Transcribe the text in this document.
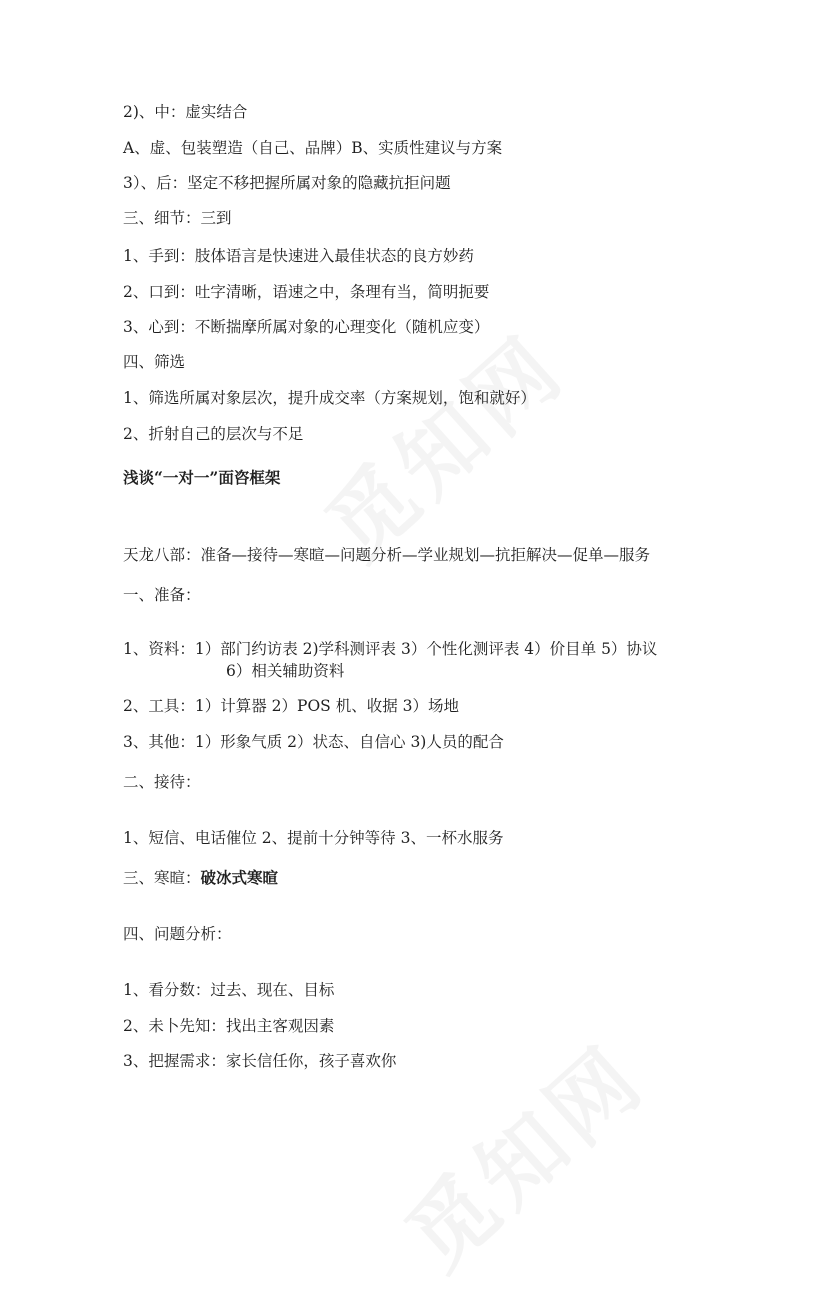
2)、中：虚实结合
A、虚、包装塑造（自己、品牌）B、实质性建议与方案
3）、后：坚定不移把握所属对象的隐藏抗拒问题
三、细节：三到
1、手到：肢体语言是快速进入最佳状态的良方妙药
2、口到：吐字清晰，语速之中，条理有当，简明扼要
3、心到：不断揣摩所属对象的心理变化（随机应变）
四、筛选
1、筛选所属对象层次，提升成交率（方案规划，饱和就好）
2、折射自己的层次与不足
浅谈“一对一”面咨框架
天龙八部：准备—接待—寒暄—问题分析—学业规划—抗拒解决—促单—服务
一、准备：
1、资料：1）部门约访表 2)学科测评表 3）个性化测评表 4）价目单 5）协议
6）相关辅助资料
2、工具：1）计算器 2）POS 机、收据 3）场地
3、其他：1）形象气质 2）状态、自信心 3)人员的配合
二、接待：
1、短信、电话催位 2、提前十分钟等待 3、一杯水服务
三、寒暄：破冰式寒暄
四、问题分析：
1、看分数：过去、现在、目标
2、未卜先知：找出主客观因素
3、把握需求：家长信任你，孩子喜欢你
